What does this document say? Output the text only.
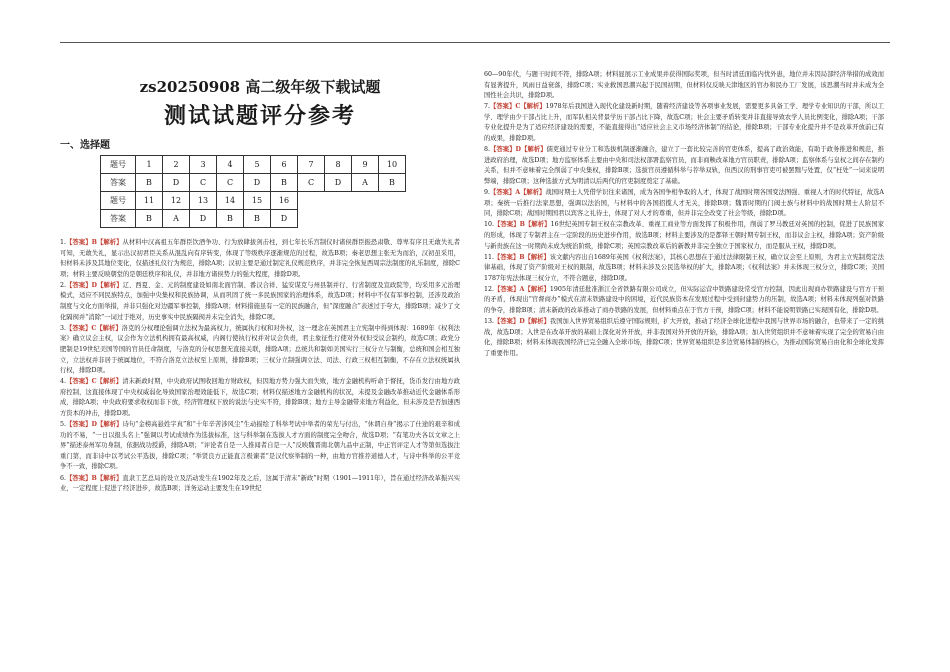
zs20250908 高二级年级下载试题
测试试题评分参考
一、选择题
题号	1	2	3	4	5	6	7	8	9	10
答案	B	D	C	C	D	B	C	D	A	B
题号	11	12	13	14	15	16				
答案	B	A	D	B	B	D				

1.【答案】B【解析】从材料中汉高祖五年群臣饮酒争功、行为放肆拔剑击柱，到七年长乐宫制仪时诸侯群臣振恐肃敬、尊卑有序且无敢失礼者可知，无敢失礼，显示出汉初君臣关系从混乱向有序转变，体现了等级秩序逐渐规范的过程，故选B项；秦老思想主张无为而治，汉初虽采用，但材料未涉及其地位变化，仅描述礼仪行为规范，排除A项；汉初主要是通过制定礼仪规范秩序，并非完全恢复西周宗法制度的礼乐制度，排除C项；材料主要反映朝堂的是朝廷秩序和礼仪，并非地方诸侯势力的强大程度，排除D项。

2.【答案】D【解析】辽、西夏、金、元的制度建设如南北面官制、番汉合祥、猛安谋克与州县制并行、行省制度及宣政院等，均采用多元治理模式，适应不同民族特点，加强中央集权和民族协调，从而巩固了统一多民族国家的治理体系，故选D项；材料中不仅有军事控制，还涉及政治制度与文化方面举措，并非只强化对边疆军事控制，排除A项；材料措施虽有一定的民族融合，但“深度融合”表述过于夸大，排除B项；减少了文化隔阂并“消除”一词过于绝对，历史事实中民族隔阂并未完全消失，排除C项。

3.【答案】C【解析】洛克的分权理论强调立法权为最高权力，统属执行权和对外权，这一理念在英国君主立宪制中得到体现：1689年《权利法案》确立议会主权，议会作为立法机构拥有最高权威，内阁行使执行权并对议会负责，君主象征性行使对外权但受议会制约，故选C项；政党分肥制是19世纪美国等国的官员任命制度，与洛克的分权思想无直接关联，排除A项；总统共和制如美国实行三权分立与制衡，总统和国会相互独立，立法权并非居于统属地位，不符合洛克立法权至上原则，排除B项；三权分立制强调立法、司法、行政三权相互制衡，不存在立法权统属执行权，排除D项。

4.【答案】C【解析】清末新政时期，中央政府试图收回地方财政权，但因地方势力强大而失败，地方金融机构听命于督抚，货币发行由地方政府控制，这直接体现了中央权威弱化导致国家治理效能低下，故选C项；材料仅描述地方金融机构的状况，未提及金融改革推动近代金融体系形成，排除A项；中央政府要求收权而非下放，经济管理权下放的说法与史实不符，排除B项；地方主导金融带来地方利益化，但未涉及是否加速西方资本的冲击，排除D项。

5.【答案】D【解析】诗句“金榜高悬姓字真”和“十年辛苦涉风尘”生动描绘了科举考试中举者的荣光与付出，“休谓自身”揭示了仕途的艰辛和成功的不易，“一日以报头名上”强调以考试成绩作为选拔标准，这与科举制在选拔人才方面的制度完全吻合，故选D项；“有笔功夫各以文章之上界”描述泰州军功身制，依据战功授爵，排除A项；“评论者自是一人推闻者自是一人”反映魏晋南北朝九品中正制，中正官评定人才等第但选拔注重门第，而非诗中以考试公平选拔，排除C项；“举贤良方正能直言极谏者”是汉代察举制的一种，由地方官推荐道德人才，与诗中科举的公平竞争不一致，排除C项。

6.【答案】B【解析】直隶工艺总局的设立及活动发生在1902年及之后，这属于清末“新政”时期（1901—1911年），旨在通过经济改革振兴实业，一定程度上促进了经济进步，故选B项；洋务运动主要发生在19世纪

60—90年代，与题干时间不符，排除A项；材料显展示工业成果并获得国际奖项，但当时清廷面临内忧外患，地位并未因局部经济举措的成效而有显著提升，风雨日益衰落，排除C项；实业救国思潮兴起于民国初期，但材料仅反映天津地区的官办和民办工厂发展，该思潮当时并未成为全国性社会共识，排除D项。

7.【答案】C【解析】1978年后我国进入现代化建设新时期，随着经济建设等各项事业发展，需要更多具备工学、理学专业知识的干部，所以工学、理学由少干部占比上升，而军队相关背景学历干部占比下降，故选C项；社会主要矛盾转变并非直接导致农学人员比例变化，排除A项；干部专业化提升是为了适应经济建设的需要，不能直接得出“适应社会主义市场经济体制”的结论，排除B项；干部专业化提升并不是改革开放前已有的成果，排除D项。

8.【答案】D【解析】儒吏通过专业分工和选拔机制逐渐融合，建立了一套比较完善的官吏体系，提高了政治效能，有助于政务推进和规范，推进政府治理，故选D项；地方监察体系主要由中央和司法权部署监察官员，而非商鞅改革地方官员职责，排除A项；监察体系与皇权之间存在制约关系，但并不意味着完全削弱了中央集权，排除B项；选拔官员遵循科举与荐举双轨，但西汉的刑事官吏可被罢黜与处置，仅“枉处”一词来说明弊端，排除C项；这种选拔方式为明清以后两代的官吏制度奠定了基础。

9.【答案】A【解析】战国时期士人凭借学识往来诸国，成为各国争相争取的人才，体现了战国时期各国变法图强、重视人才的时代特征，故选A项；秦统一后推行法家思想，强调以法治国，与材料中的各国招揽人才无关，排除B项；魏晋时期的门阀士族与材料中的战国时期士人阶层不同，排除C项；战国时期国君以宾客之礼待士，体现了对人才的尊重，但并非完全改变了社会等级，排除D项。

10.【答案】B【解析】16世纪英国专制王权在宗教改革、重视工商业等方面发挥了积极作用，削弱了罗马教廷对英国的控制，促进了民族国家的形成，体现了专制君主在一定阶段的历史进步作用，故选B项；材料主要涉及的是都铎王朝时期专制王权，而非议会主权，排除A项；资产阶级与新贵族在这一时期尚未成为统治阶级，排除C项；英国宗教改革后的新教并非完全独立于国家权力，而是服从王权，排除D项。

11.【答案】B【解析】该文献内容出自1689年英国《权利法案》，其核心思想在于通过法律限制王权，确立议会至上原则，为君主立宪制奠定法律基础，体现了资产阶级对王权的限制，故选B项；材料未涉及公民选举权的扩大，排除A项；《权利法案》并未体现三权分立，排除C项；美国1787年宪法体现三权分立，不符合题意，排除D项。

12.【答案】A【解析】1905年清廷批准浙江全省铁路有限公司成立，但实际运营中铁路建设常受官方控制，因此出现商办铁路建设与官方干预的矛盾，体现出“官督商办”模式在清末铁路建设中的困境，近代民族资本在发展过程中受到封建势力的压制，故选A项；材料未体现列强对铁路的争夺，排除B项；清末新政的改革推动了商办铁路的发展，但材料重点在于官方干预，排除C项；材料不能说明铁路已实现国有化，排除D项。

13.【答案】D【解析】我国加入世界贸易组织后遵守国际规则，扩大开放，推动了经济全球化进程中我国与世界市场的融合，也带来了一定的挑战，故选D项；入世是在改革开放的基础上深化对外开放，并非我国对外开放的开始，排除A项；加入世贸组织并不意味着实现了完全的贸易自由化，排除B项；材料未体现我国经济已完全融入全球市场，排除C项；世界贸易组织是多边贸易体制的核心，为推动国际贸易自由化和全球化发挥了重要作用。
